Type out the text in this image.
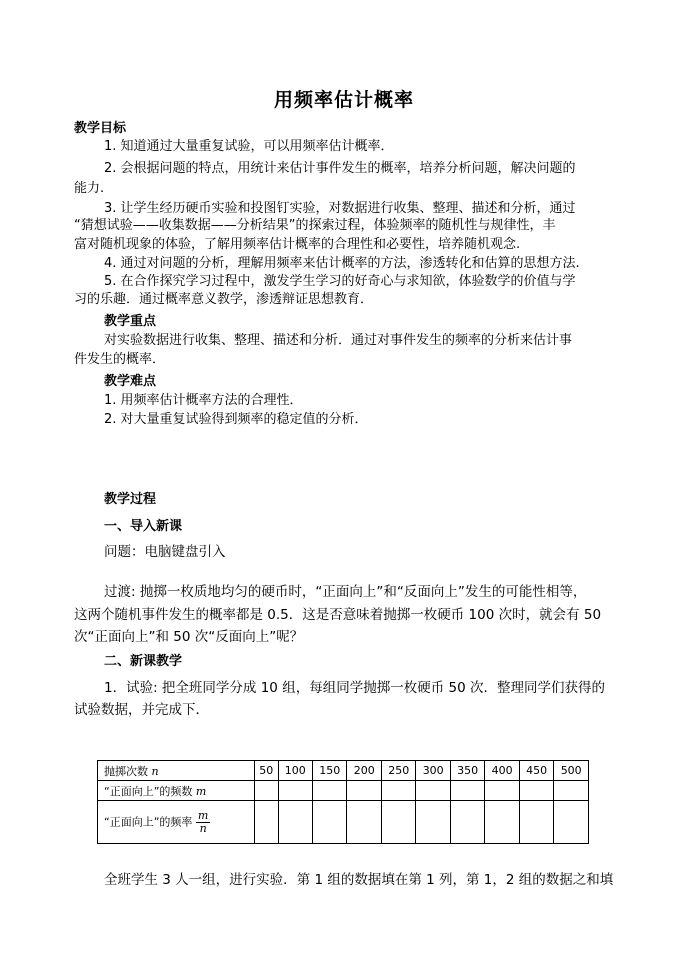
用频率估计概率
教学目标
1. 知道通过大量重复试验，可以用频率估计概率．
2. 会根据问题的特点，用统计来估计事件发生的概率，培养分析问题，解决问题的
能力.
3. 让学生经历硬币实验和投图钉实验，对数据进行收集、整理、描述和分析，通过
“猜想试验——收集数据——分析结果”的探索过程，体验频率的随机性与规律性，丰
富对随机现象的体验，了解用频率估计概率的合理性和必要性，培养随机观念.
4. 通过对问题的分析，理解用频率来估计概率的方法，渗透转化和估算的思想方法.
5. 在合作探究学习过程中，激发学生学习的好奇心与求知欲，体验数学的价值与学
习的乐趣．通过概率意义教学，渗透辩证思想教育．
教学重点
对实验数据进行收集、整理、描述和分析．通过对事件发生的频率的分析来估计事
件发生的概率．
教学难点
1. 用频率估计概率方法的合理性．
2. 对大量重复试验得到频率的稳定值的分析．
教学过程
一、导入新课
问题：电脑键盘引入
过渡: 抛掷一枚质地均匀的硬币时，“正面向上”和“反面向上”发生的可能性相等，
这两个随机事件发生的概率都是 0.5．这是否意味着抛掷一枚硬币 100 次时，就会有 50
次“正面向上”和 50 次“反面向上”呢？
二、新课教学
1．试验: 把全班同学分成 10 组，每组同学抛掷一枚硬币 50 次．整理同学们获得的
试验数据，并完成下．
抛掷次数 n	50	100	150	200	250	300	350	400	450	500
“正面向上”的频数 m										
“正面向上”的频率 $\frac{m}{n}$

全班学生 3 人一组，进行实验．第 1 组的数据填在第 1 列，第 1，2 组的数据之和填
